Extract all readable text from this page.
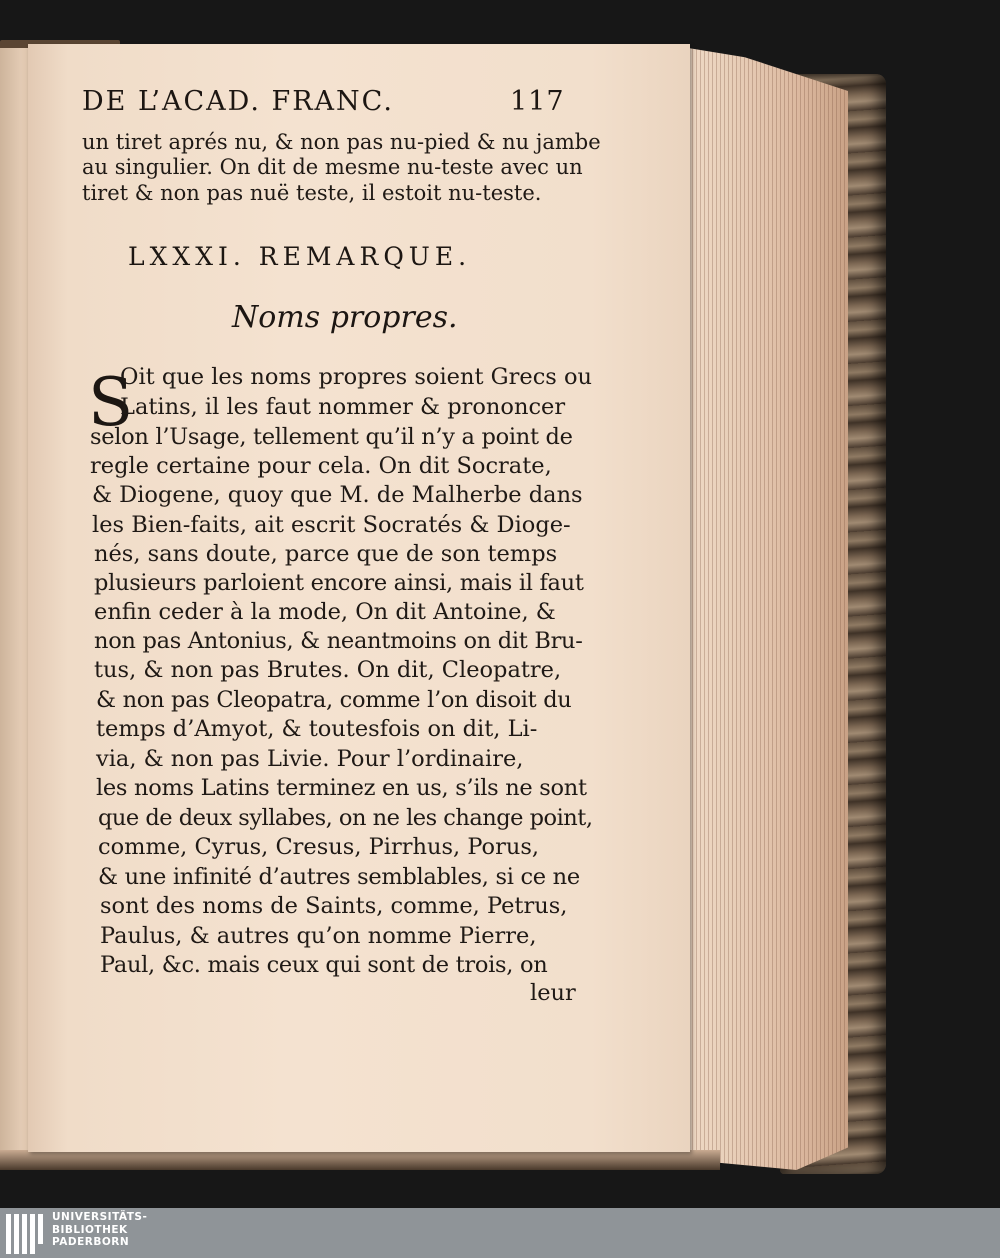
DE L’ACAD. FRANC.	117
un tiret aprés nu, & non pas nu-pied & nu jambe
au singulier. On dit de mesme nu-teste avec un
tiret & non pas nuë teste, il estoit nu-teste.
LXXXI. REMARQUE.
Noms propres.
S
Oit que les noms propres soient Grecs ou
Latins, il les faut nommer & prononcer
selon l’Usage, tellement qu’il n’y a point de
regle certaine pour cela. On dit Socrate,
& Diogene, quoy que M. de Malherbe dans
les Bien-faits, ait escrit Socratés & Dioge-
nés, sans doute, parce que de son temps
plusieurs parloient encore ainsi, mais il faut
enfin ceder à la mode, On dit Antoine, &
non pas Antonius, & neantmoins on dit Bru-
tus, & non pas Brutes. On dit, Cleopatre,
& non pas Cleopatra, comme l’on disoit du
temps d’Amyot, & toutesfois on dit, Li-
via, & non pas Livie. Pour l’ordinaire,
les noms Latins terminez en us, s’ils ne sont
que de deux syllabes, on ne les change point,
comme, Cyrus, Cresus, Pirrhus, Porus,
& une infinité d’autres semblables, si ce ne
sont des noms de Saints, comme, Petrus,
Paulus, & autres qu’on nomme Pierre,
Paul, &c. mais ceux qui sont de trois, on
leur
UNIVERSITÄTS-
BIBLIOTHEK
PADERBORN
